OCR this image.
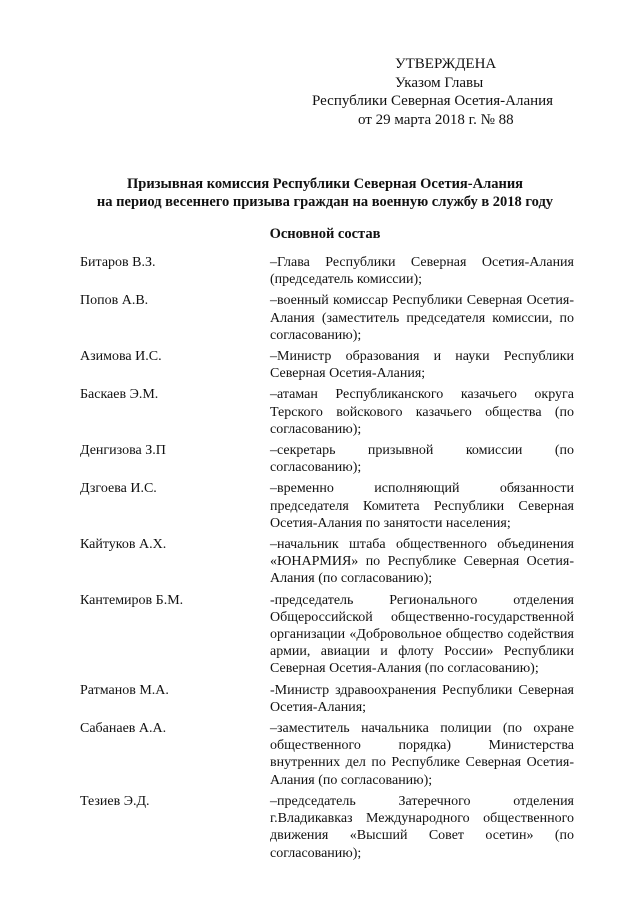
УТВЕРЖДЕНА
Указом Главы
Республики Северная Осетия-Алания
от 29 марта 2018 г. № 88
Призывная комиссия Республики Северная Осетия-Алания
на период весеннего призыва граждан на военную службу в 2018 году
Основной состав
Битаров В.З.	–Глава Республики Северная Осетия-Алания (председатель комиссии);
Попов А.В.	–военный комиссар Республики Северная Осетия-Алания (заместитель председателя комиссии, по согласованию);
Азимова И.С.	–Министр образования и науки Республики Северная Осетия-Алания;
Баскаев Э.М.	–атаман Республиканского казачьего округа Терского войскового казачьего общества (по согласованию);
Денгизова З.П	–секретарь призывной комиссии (по согласованию);
Дзгоева И.С.	–временно исполняющий обязанности председателя Комитета Республики Северная Осетия-Алания по занятости населения;
Кайтуков А.Х.	–начальник штаба общественного объединения «ЮНАРМИЯ» по Республике Северная Осетия-Алания (по согласованию);
Кантемиров Б.М.	-председатель Регионального отделения Общероссийской общественно-государственной организации «Добровольное общество содействия армии, авиации и флоту России» Республики Северная Осетия-Алания (по согласованию);
Ратманов М.А.	-Министр здравоохранения Республики Северная Осетия-Алания;
Сабанаев А.А.	–заместитель начальника полиции (по охране общественного порядка) Министерства внутренних дел по Республике Северная Осетия-Алания (по согласованию);
Тезиев Э.Д.	–председатель Затеречного отделения г.Владикавказ Международного общественного движения «Высший Совет осетин» (по согласованию);
